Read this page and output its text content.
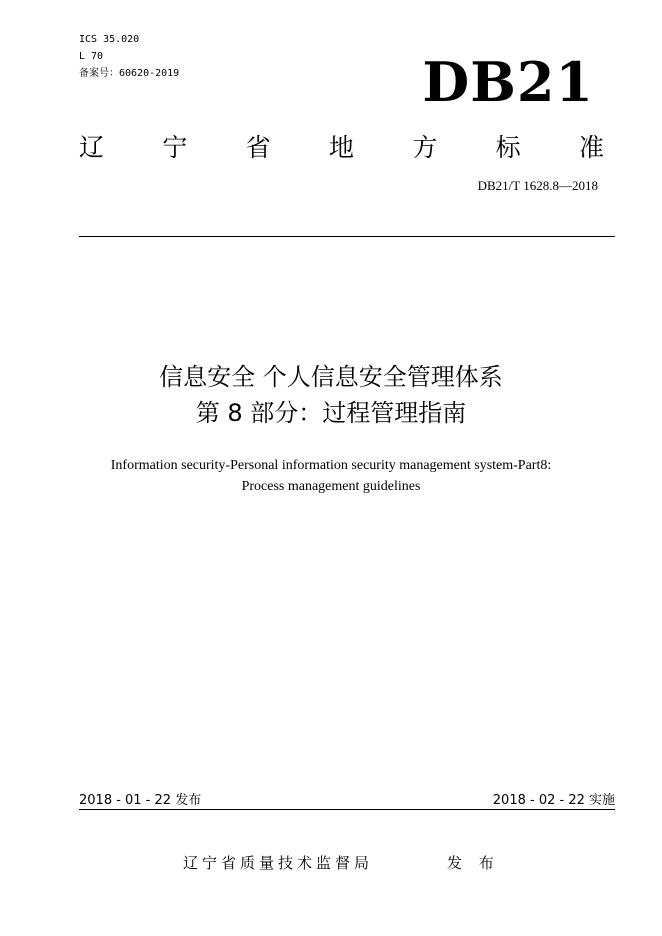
ICS 35.020
L 70
备案号：60620-2019	DB21
辽 宁 省 地 方 标 准
DB21/T 1628.8—2018
信息安全 个人信息安全管理体系
第 8 部分：过程管理指南
Information security-Personal information security management system-Part8:
Process management guidelines
2018 - 01 - 22 发布	2018 - 02 - 22 实施
辽宁省质量技术监督局	发 布
